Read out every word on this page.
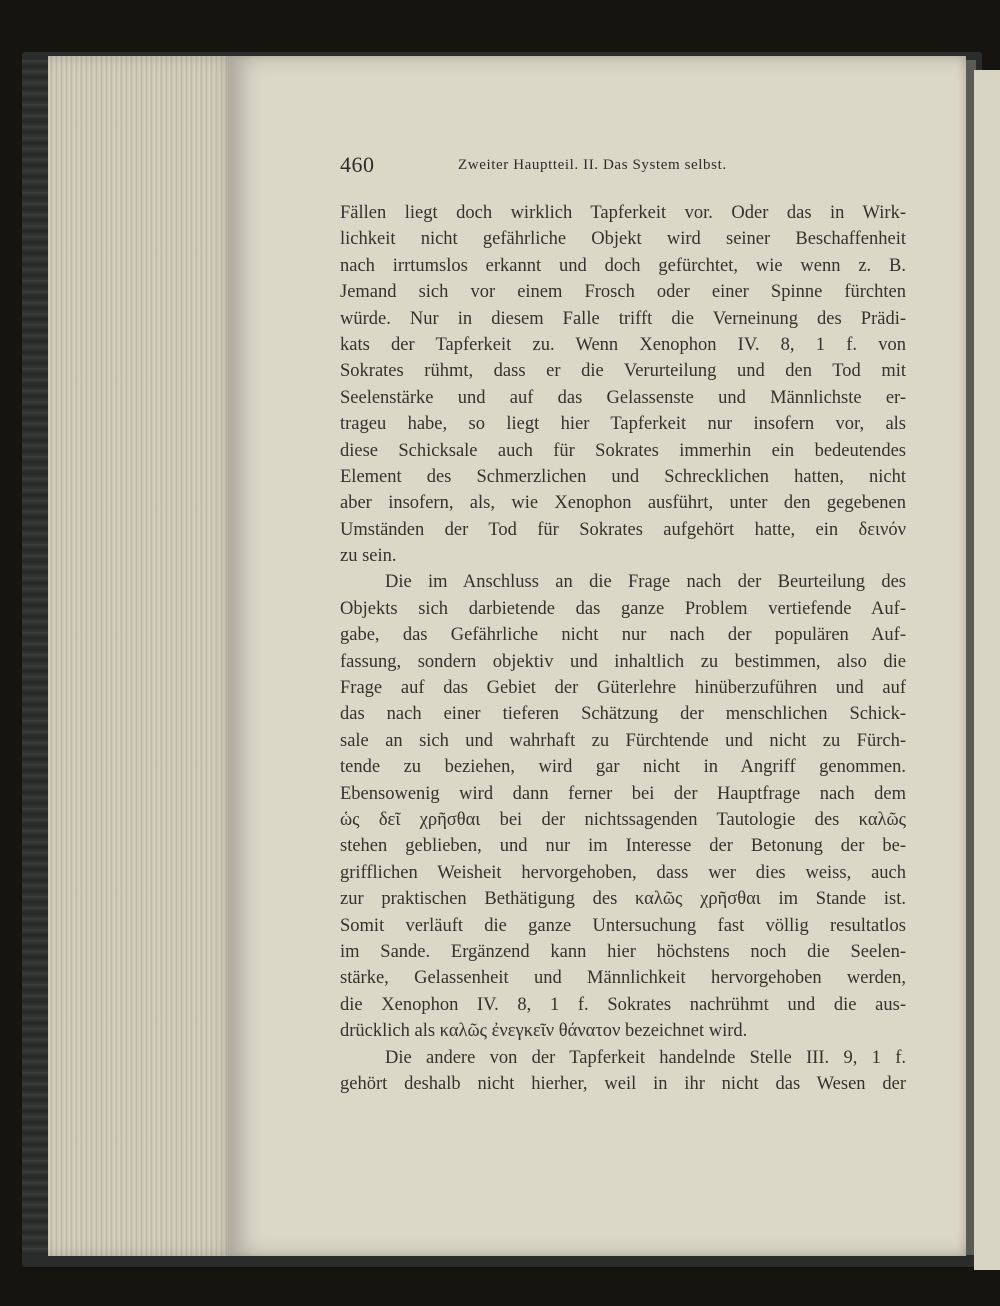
460	Zweiter Hauptteil. II. Das System selbst.
Fällen liegt doch wirklich Tapferkeit vor. Oder das in Wirk-
lichkeit nicht gefährliche Objekt wird seiner Beschaffenheit
nach irrtumslos erkannt und doch gefürchtet, wie wenn z. B.
Jemand sich vor einem Frosch oder einer Spinne fürchten
würde. Nur in diesem Falle trifft die Verneinung des Prädi-
kats der Tapferkeit zu. Wenn Xenophon IV. 8, 1 f. von
Sokrates rühmt, dass er die Verurteilung und den Tod mit
Seelenstärke und auf das Gelassenste und Männlichste er-
trageu habe, so liegt hier Tapferkeit nur insofern vor, als
diese Schicksale auch für Sokrates immerhin ein bedeutendes
Element des Schmerzlichen und Schrecklichen hatten, nicht
aber insofern, als, wie Xenophon ausführt, unter den gegebenen
Umständen der Tod für Sokrates aufgehört hatte, ein δεινόν
zu sein.
Die im Anschluss an die Frage nach der Beurteilung des
Objekts sich darbietende das ganze Problem vertiefende Auf-
gabe, das Gefährliche nicht nur nach der populären Auf-
fassung, sondern objektiv und inhaltlich zu bestimmen, also die
Frage auf das Gebiet der Güterlehre hinüberzuführen und auf
das nach einer tieferen Schätzung der menschlichen Schick-
sale an sich und wahrhaft zu Fürchtende und nicht zu Fürch-
tende zu beziehen, wird gar nicht in Angriff genommen.
Ebensowenig wird dann ferner bei der Hauptfrage nach dem
ὡς δεῖ χρῆσθαι bei der nichtssagenden Tautologie des καλῶς
stehen geblieben, und nur im Interesse der Betonung der be-
grifflichen Weisheit hervorgehoben, dass wer dies weiss, auch
zur praktischen Bethätigung des καλῶς χρῆσθαι im Stande ist.
Somit verläuft die ganze Untersuchung fast völlig resultatlos
im Sande. Ergänzend kann hier höchstens noch die Seelen-
stärke, Gelassenheit und Männlichkeit hervorgehoben werden,
die Xenophon IV. 8, 1 f. Sokrates nachrühmt und die aus-
drücklich als καλῶς ἐνεγκεῖν θάνατον bezeichnet wird.
Die andere von der Tapferkeit handelnde Stelle III. 9, 1 f.
gehört deshalb nicht hierher, weil in ihr nicht das Wesen der
